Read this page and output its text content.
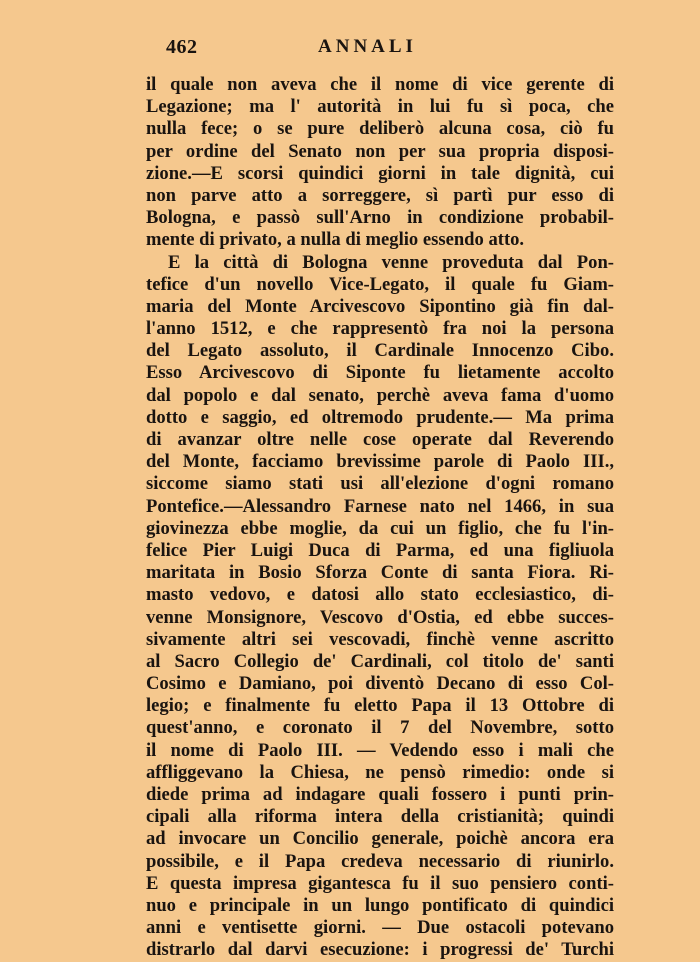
462	ANNALI
il quale non aveva che il nome di vice gerente di
Legazione; ma l' autorità in lui fu sì poca, che
nulla fece; o se pure deliberò alcuna cosa, ciò fu
per ordine del Senato non per sua propria disposi-
zione.—E scorsi quindici giorni in tale dignità, cui
non parve atto a sorreggere, sì partì pur esso di
Bologna, e passò sull'Arno in condizione probabil-
mente di privato, a nulla di meglio essendo atto.
E la città di Bologna venne proveduta dal Pon-
tefice d'un novello Vice-Legato, il quale fu Giam-
maria del Monte Arcivescovo Sipontino già fin dal-
l'anno 1512, e che rappresentò fra noi la persona
del Legato assoluto, il Cardinale Innocenzo Cibo.
Esso Arcivescovo di Siponte fu lietamente accolto
dal popolo e dal senato, perchè aveva fama d'uomo
dotto e saggio, ed oltremodo prudente.— Ma prima
di avanzar oltre nelle cose operate dal Reverendo
del Monte, facciamo brevissime parole di Paolo III.,
siccome siamo stati usi all'elezione d'ogni romano
Pontefice.—Alessandro Farnese nato nel 1466, in sua
giovinezza ebbe moglie, da cui un figlio, che fu l'in-
felice Pier Luigi Duca di Parma, ed una figliuola
maritata in Bosio Sforza Conte di santa Fiora. Ri-
masto vedovo, e datosi allo stato ecclesiastico, di-
venne Monsignore, Vescovo d'Ostia, ed ebbe succes-
sivamente altri sei vescovadi, finchè venne ascritto
al Sacro Collegio de' Cardinali, col titolo de' santi
Cosimo e Damiano, poi diventò Decano di esso Col-
legio; e finalmente fu eletto Papa il 13 Ottobre di
quest'anno, e coronato il 7 del Novembre, sotto
il nome di Paolo III. — Vedendo esso i mali che
affliggevano la Chiesa, ne pensò rimedio: onde si
diede prima ad indagare quali fossero i punti prin-
cipali alla riforma intera della cristianità; quindi
ad invocare un Concilio generale, poichè ancora era
possibile, e il Papa credeva necessario di riunirlo.
E questa impresa gigantesca fu il suo pensiero conti-
nuo e principale in un lungo pontificato di quindici
anni e ventisette giorni. — Due ostacoli potevano
distrarlo dal darvi esecuzione: i progressi de' Turchi
